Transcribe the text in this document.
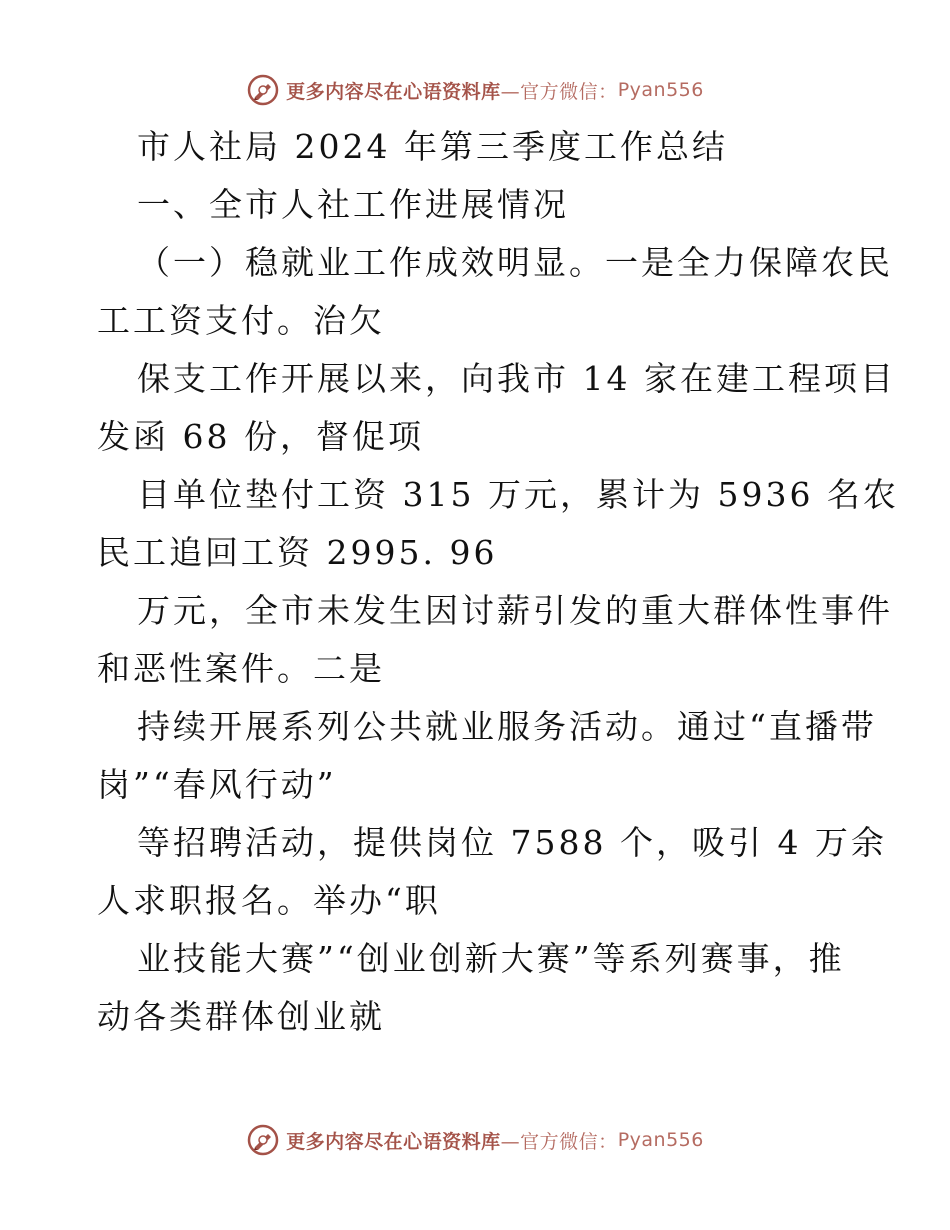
更多内容尽在心语资料库 —官方微信： Pyan556
市人社局 2024 年第三季度工作总结
一、全市人社工作进展情况
（一）稳就业工作成效明显。一是全力保障农民
工工资支付。治欠
保支工作开展以来，向我市 14 家在建工程项目
发函 68 份，督促项
目单位垫付工资 315 万元，累计为 5936 名农
民工追回工资 2995. 96
万元，全市未发生因讨薪引发的重大群体性事件
和恶性案件。二是
持续开展系列公共就业服务活动。通过“直播带
岗”“春风行动”
等招聘活动，提供岗位 7588 个，吸引 4 万余
人求职报名。举办“职
业技能大赛”“创业创新大赛”等系列赛事，推
动各类群体创业就
更多内容尽在心语资料库 —官方微信： Pyan556
